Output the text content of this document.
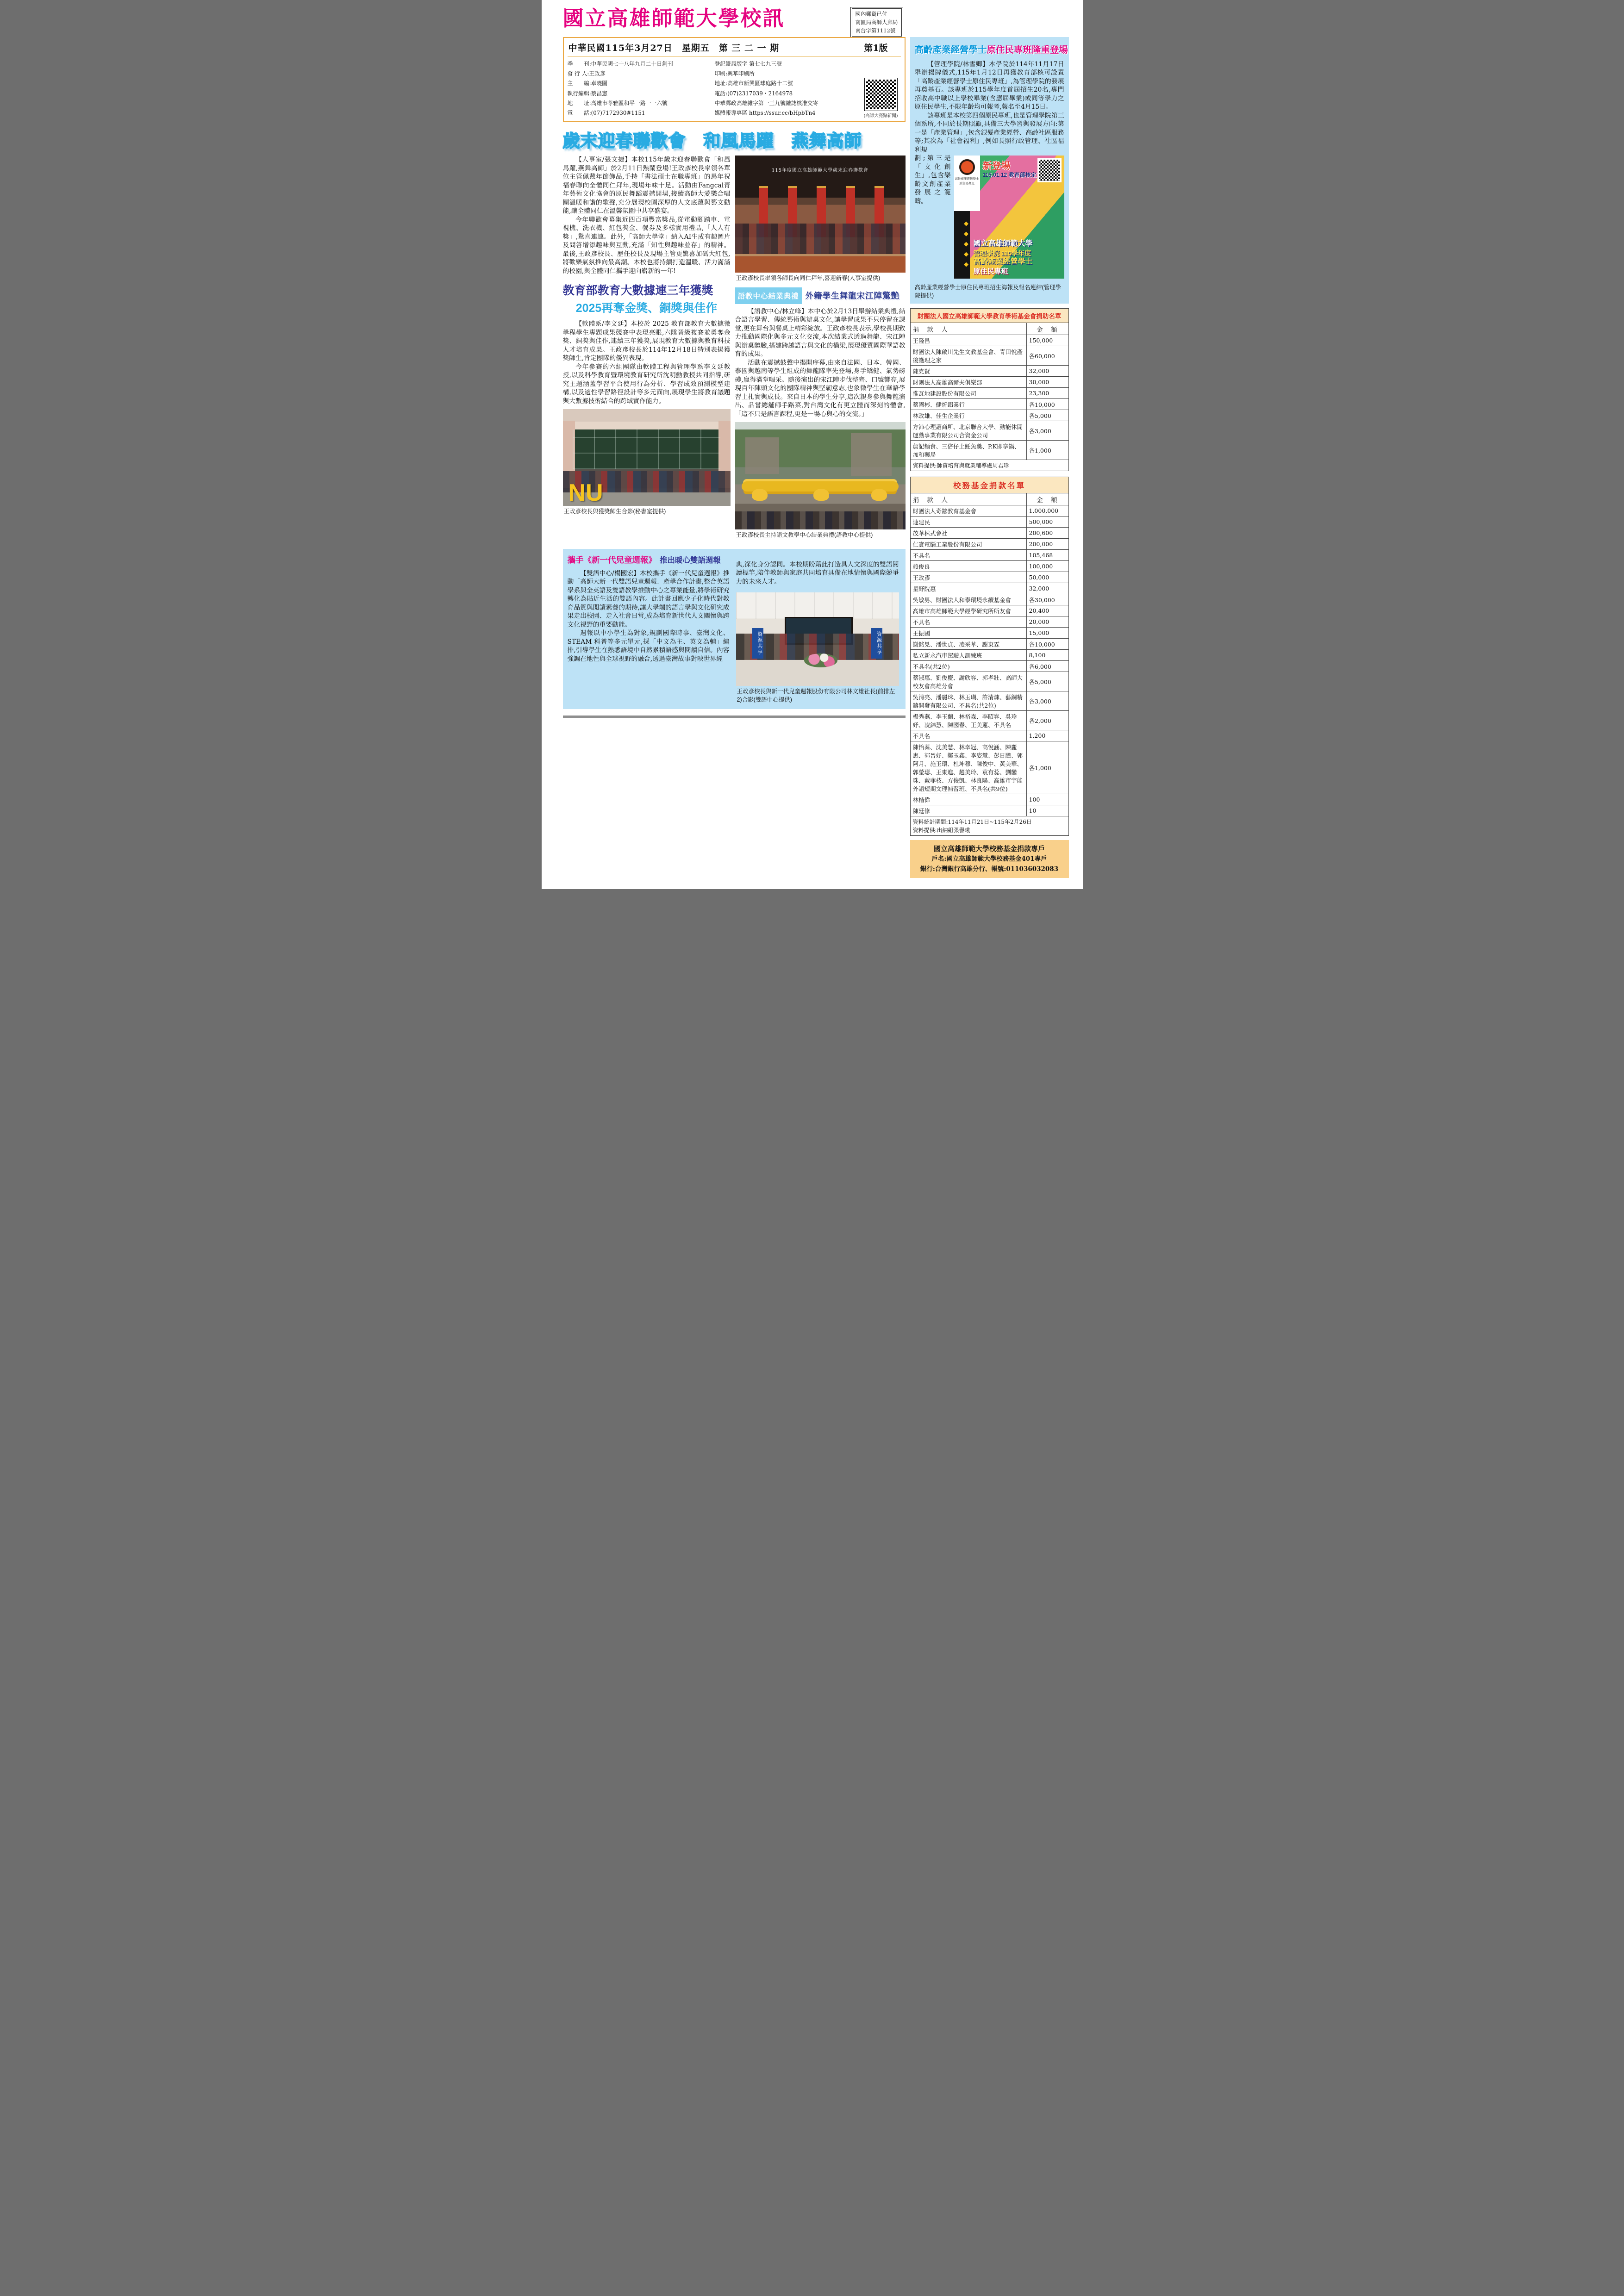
國立高雄師範大學校訊	國內郵資已付
南區局高師大郵局
南台字第1112號
中華民國115年3月27日　星期五　第 三 二 一 期	第1版
季　　刊:中華民國七十八年九月二十日創刊
發 行 人:王政彥
主　　編:卓曉園
執行編輯:蔡昌憲
地　　址:高雄市苓雅區和平一路一一六號
電　　話:(07)7172930#1151
登記證局版字 第七七九三號
印刷:興華印刷所
地址:高雄市新興區球庭路十二號
電話:(07)2317039・2164978
中華郵政高雄雜字第一三九號雜誌核准交寄
媒體報導專區 https://ssur.cc/bHpbTn4	(高師大亮點新聞)
歲末迎春聯歡會　和風馬躍　燕舞高師

【人事室/張文捷】本校115年歲末迎春聯歡會「和風馬躍,燕舞高師」於2月11日熱鬧登場!王政彥校長率領各單位主管佩戴年節飾品,手持「書法碩士在職專班」的馬年祝福春聯向全體同仁拜年,現場年味十足。活動由Fangcal青年藝術文化協會的原民舞蹈震撼開場,接續高師大愛樂合唱團溫暖和諧的歌聲,充分展現校園深厚的人文底蘊與藝文動能,讓全體同仁在溫馨氛圍中共享盛宴。

今年聯歡會募集近四百項豐富獎品,從電動腳踏車、電視機、洗衣機、紅包獎金、餐券及多樣實用禮品,「人人有獎」,驚喜連連。此外,「高師大學堂」納入AI生成有趣圖片及問答增添趣味與互動,充滿「知性與趣味並存」的精神。最後,王政彥校長、歷任校長及現場主管更驚喜加碼大紅包,將歡樂氣氛推向最高潮。本校也將持續打造溫暖、活力滿滿的校園,與全體同仁攜手迎向嶄新的一年!

教育部教育大數據連三年獲獎
2025再奪金獎、銅獎與佳作

【軟體系/李文廷】本校於 2025 教育部教育大數據微學程學生專題成果競賽中表現亮眼,六隊晉級複賽並勇奪金獎、銅獎與佳作,連續三年獲獎,展現教育大數據與教育科技人才培育成果。王政彥校長於114年12月18日特別表揚獲獎師生,肯定團隊的優異表現。

今年參賽的六組團隊由軟體工程與管理學系李文廷教授,以及科學教育暨環境教育研究所沈明勳教授共同指導,研究主題涵蓋學習平台使用行為分析、學習成效預測模型建構,以及適性學習路徑設計等多元面向,展現學生將教育議題與大數據技術結合的跨域實作能力。

NU
王政彥校長與獲獎師生合影(秘書室提供)
115年度國立高雄師範大學歲末迎春聯歡會
王政彥校長率領各師長向同仁拜年,喜迎新春(人事室提供)
語教中心結業典禮 外籍學生舞龍宋江陣驚艷

【語教中心/林立峰】本中心於2月13日舉辦結業典禮,結合語言學習、傳統藝術與辦桌文化,讓學習成果不只停留在課堂,更在舞台與餐桌上精彩綻放。王政彥校長表示,學校長期致力推動國際化與多元文化交流,本次結業式透過舞龍、宋江陣與辦桌體驗,搭建跨越語言與文化的橋梁,展現優質國際華語教育的成果。

活動在震撼鼓聲中揭開序幕,由來自法國、日本、韓國、泰國與越南等學生組成的舞龍隊率先登場,身手矯健、氣勢磅礡,贏得滿堂喝采。隨後演出的宋江陣步伐整齊、口號響亮,展現百年陣頭文化的團隊精神與堅韌意志,也象徵學生在華語學習上扎實與成長。來自日本的學生分享,這次親身參與舞龍演出、品嘗總舖師手路菜,對台灣文化有更立體而深刻的體會,「這不只是語言課程,更是一場心與心的交流。」

王政彥校長主持語文教學中心結業典禮(語教中心提供)
攜手《新一代兒童週報》 推出暖心雙語週報

【雙語中心/楊國宏】本校攜手《新一代兒童週報》推動「高師大新一代雙語兒童週報」產學合作計畫,整合英語學系與全英語及雙語教學推動中心之專業能量,將學術研究轉化為貼近生活的雙語內容。此計畫回應少子化時代對教育品質與閱讀素養的期待,讓大學端的語言學與文化研究成果走出校園、走入社會日常,成為培育新世代人文關懷與跨文化視野的重要動能。

週報以中小學生為對象,規劃國際時事、臺灣文化、STEAM 科普等多元單元,採「中文為主、英文為輔」編排,引導學生在熟悉語境中自然累積語感與閱讀自信。內容強調在地性與全球視野的融合,透過臺灣故事對映世界經

典,深化身分認同。本校期盼藉此打造具人文深度的雙語閱讀標竿,陪伴教師與家庭共同培育具備在地情懷與國際競爭力的未來人才。

資源共享	資源共享
王政彥校長與新一代兒童週報股份有限公司林文雄社長(前排左2)合影(雙語中心提供)
高齡產業經營學士原住民專班隆重登場

【管理學院/林雪卿】本學院於114年11月17日舉辦揭牌儀式,115年1月12日再獲教育部核可設置「高齡產業經營學士原住民專班」,為管理學院的發展再奠基石。該專班於115學年度首屆招生20名,專門招收高中職以上學校畢業(含應屆畢業)或同等學力之原住民學生,不限年齡均可報考,報名至4月15日。

該專班是本校第四個原民專班,也是管理學院第三個系所,不同於長期照顧,具備三大學習與發展方向:第一是「產業管理」,包含銀髮產業經營、高齡社區服務等;其次為「社會福利」,例如長照行政管理、社區福利規

高齡產業經營學士 原住民專班
◆◆◆◆◆
新登場
115.01.12 教育部核定
國立高雄師範大學
管理學院 115學年度
高齡產業經營學士
原住民專班

劃;第三是「文化創生」,包含樂齡文創產業發展之範疇。

高齡產業經營學士原住民專班招生海報及報名連結(管理學院提供)
財團法人國立高雄師範大學教育學術基金會捐助名單
捐　款　人	金　額
王隆昌	150,000
財團法人陳啟川先生文教基金會、青田悅產後護理之家	各60,000
陳克賢	32,000
財團法人高雄高爾夫俱樂部	30,000
惟瓦地建設股份有限公司	23,300
蔡國彬、健炘鋁業行	各10,000
林政雄、佳生企業行	各5,000
方沛心理諮商所、北京聯合大學、動能休閒運動事業有限公司合資金公司	各3,000
詹記麵食、三倍仔土魠魚羹、P.K即享鍋、加和藥局	各1,000
資料提供:師資培育與就業輔導處周君珍	
校務基金捐款名單
捐　款　人	金　額
財團法人奇鋐教育基金會	1,000,000
連建民	500,000
茂華株式會社	200,600
仁寶電腦工業股份有限公司	200,000
不具名	105,468
賴俊良	100,000
王政彥	50,000
星野院惠	32,000
吳敏男、財團法人和泰環境永續基金會	各30,000
高雄市高雄師範大學經學研究所所友會	20,400
不具名	20,000
王振國	15,000
謝銘晃、潘世貞、凌采華、謝東霖	各10,000
私立新永汽車駕駛人訓練班	8,100
不具名(共2位)	各6,000
蔡淑惠、劉俊慶、謝欣容、郭孝壯、高師大校友會高雄分會	各5,000
吳清亮、潘麗珠、林玉瑚、許清煉、藝銅精鑄開發有限公司、不具名(共2位)	各3,000
楊秀燕、李玉蘭、林裕森、李昭容、吳珍妤、凌錦慧、陳國春、王美蓮、不具名	各2,000
不具名	1,200
陳怡蓁、沈美慧、林幸冠、高悅涵、陳麗惠、郭晉妤、鄭玉鑫、李姿慧、彭日騰、郭阿月、施玉環、杜坤穆、陳俊中、黃美華、郭瑩璱、王東進、趙美玲、袁有蕊、劉鑾珠、戴菲枝、方俊凱、林良陽、高雄市宇能外語短期文理補習班、不具名(共9位)	各1,000
林楷偉	100
陳廷修	10

資料統計期間:114年11月21日~115年2月26日
資料提供:出納組張譽曦	
國立高雄師範大學校務基金捐款專戶
戶名:國立高雄師範大學校務基金401專戶
銀行:台灣銀行高雄分行、帳號:011036032083
